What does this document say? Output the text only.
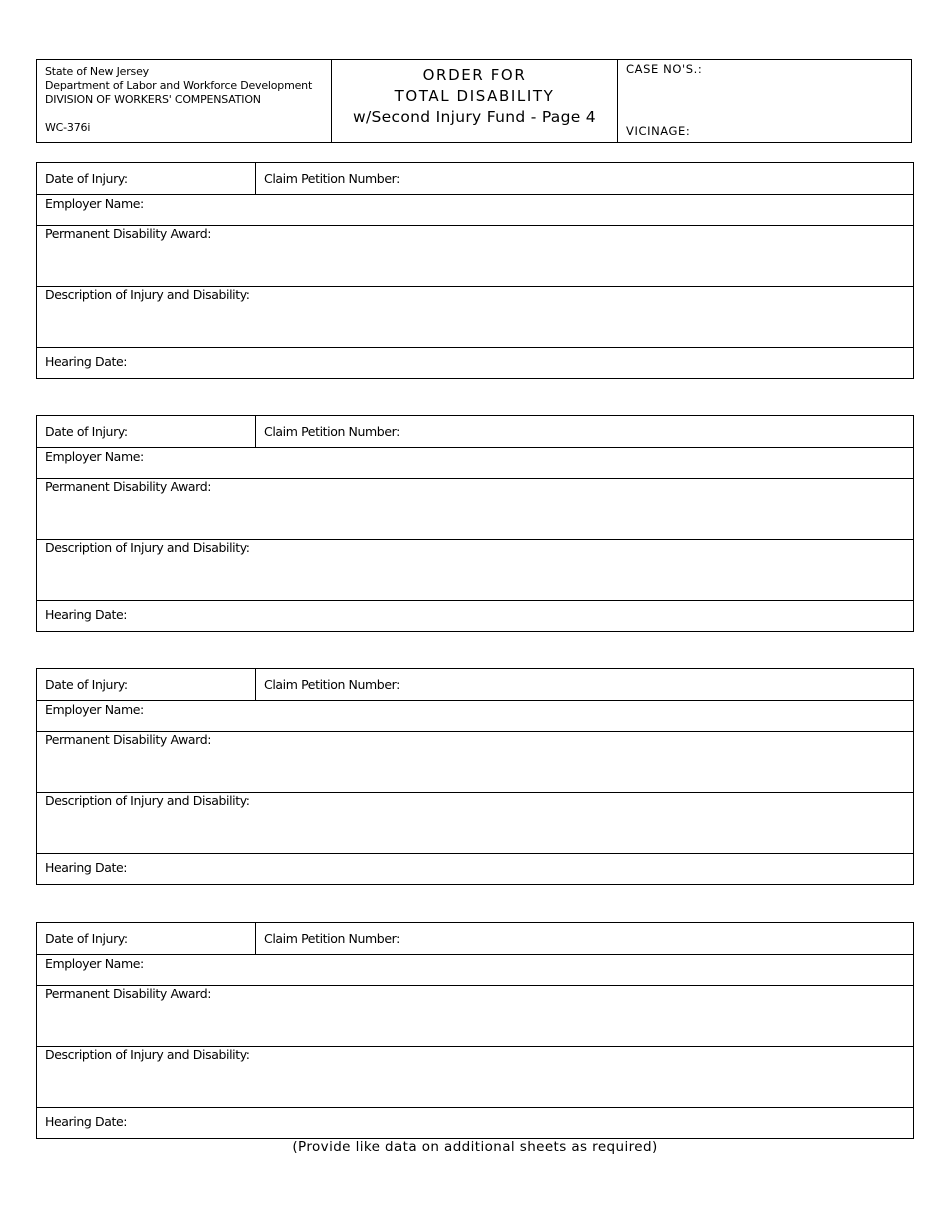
State of New Jersey
Department of Labor and Workforce Development
DIVISION OF WORKERS' COMPENSATION
WC-376i
ORDER FOR
TOTAL DISABILITY
w/Second Injury Fund - Page 4
CASE NO'S.:
VICINAGE:
Date of Injury:	Claim Petition Number:
Employer Name:
Permanent Disability Award:
Description of Injury and Disability:
Hearing Date:
Date of Injury:	Claim Petition Number:
Employer Name:
Permanent Disability Award:
Description of Injury and Disability:
Hearing Date:
Date of Injury:	Claim Petition Number:
Employer Name:
Permanent Disability Award:
Description of Injury and Disability:
Hearing Date:
Date of Injury:	Claim Petition Number:
Employer Name:
Permanent Disability Award:
Description of Injury and Disability:
Hearing Date:
(Provide like data on additional sheets as required)
